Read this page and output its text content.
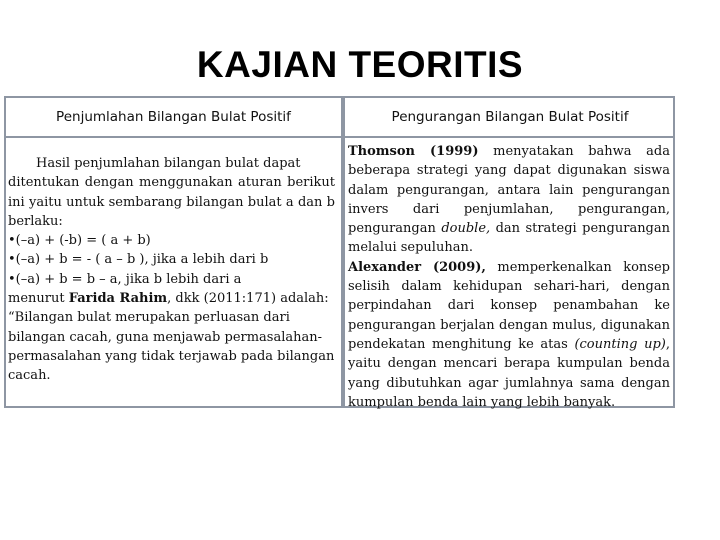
KAJIAN TEORITIS
Penjumlahan Bilangan Bulat Positif	Pengurangan Bilangan Bulat Positif
Hasil penjumlahan bilangan bulat dapat
ditentukan dengan menggunakan aturan berikut
ini yaitu untuk sembarang bilangan bulat a dan b
berlaku:
•(–a) + (-b) = ( a + b)
•(–a) + b = - ( a – b ), jika a lebih dari b
•(–a) + b = b – a, jika b lebih dari a
menurut Farida Rahim, dkk (2011:171) adalah:
“Bilangan bulat merupakan perluasan dari
bilangan cacah, guna menjawab permasalahan-
permasalahan yang tidak terjawab pada bilangan
cacah.
Thomson (1999) menyatakan bahwa ada beberapa strategi yang dapat digunakan siswa dalam pengurangan, antara lain pengurangan invers dari penjumlahan, pengurangan, pengurangan double, dan strategi pengurangan melalui sepuluhan.
Alexander (2009), memperkenalkan konsep selisih dalam kehidupan sehari-hari, dengan perpindahan dari konsep penambahan ke pengurangan berjalan dengan mulus, digunakan pendekatan menghitung ke atas (counting up), yaitu dengan mencari berapa kumpulan benda yang dibutuhkan agar jumlahnya sama dengan kumpulan benda lain yang lebih banyak.
